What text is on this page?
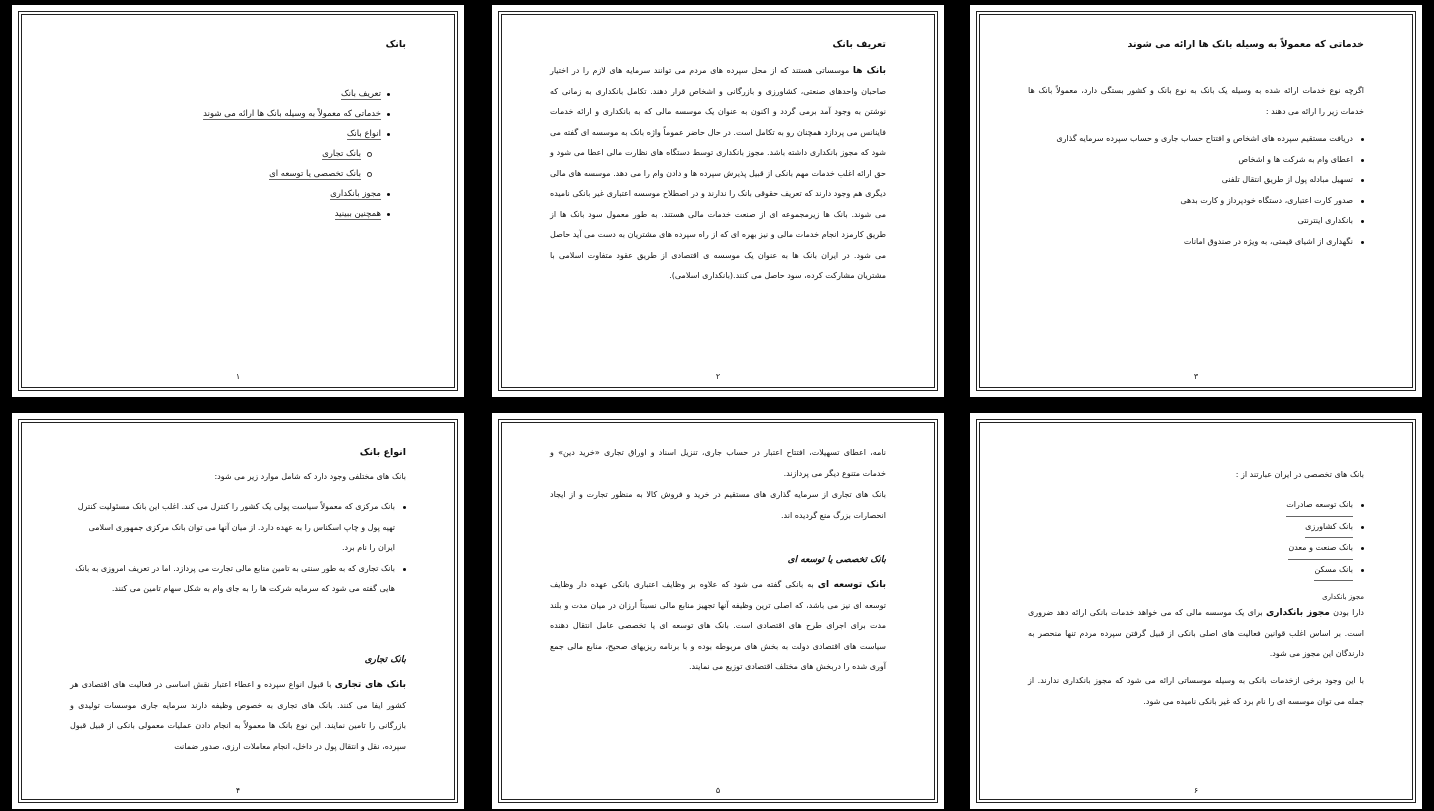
بانک
تعریف بانک
خدماتی که معمولاً به وسیله بانک ها ارائه می شوند
انواع بانک
بانک تجاری
بانک تخصصی یا توسعه ای
مجوز بانکداری
همچنین ببینید
۱
تعریف بانک
بانک ها موسساتی هستند که از محل سپرده های مردم می توانند سرمایه های لازم را در اختیار صاحبان واحدهای صنعتی، کشاورزی و بازرگانی و اشخاص قرار دهند. تکامل بانکداری به زمانی که نوشتن به وجود آمد برمی گردد و اکنون به عنوان یک موسسه مالی که به بانکداری و ارائه خدمات فاینانس می پردازد همچنان رو به تکامل است. در حال حاضر عموماً واژه بانک به موسسه ای گفته می شود که مجوز بانکداری داشته باشد. مجوز بانکداری توسط دستگاه های نظارت مالی اعطا می شود و حق ارائه اغلب خدمات مهم بانکی از قبیل پذیرش سپرده ها و دادن وام را می دهد. موسسه های مالی دیگری هم وجود دارند که تعریف حقوقی بانک را ندارند و در اصطلاح موسسه اعتباری غیر بانکی نامیده می شوند. بانک ها زیرمجموعه ای از صنعت خدمات مالی هستند. به طور معمول سود بانک ها از طریق کارمزد انجام خدمات مالی و نیز بهره ای که از راه سپرده های مشتریان به دست می آید حاصل می شود. در ایران بانک ها به عنوان یک موسسه ی اقتصادی از طریق عقود متفاوت اسلامی با مشتریان مشارکت کرده، سود حاصل می کنند.(بانکداری اسلامی).
۲
خدماتی که معمولاً به وسیله بانک ها ارائه می شوند
اگرچه نوع خدمات ارائه شده به وسیله یک بانک به نوع بانک و کشور بستگی دارد، معمولاً بانک ها خدمات زیر را ارائه می دهند :
دریافت مستقیم سپرده های اشخاص و افتتاح حساب جاری و حساب سپرده سرمایه گذاری
اعطای وام به شرکت ها و اشخاص
تسهیل مبادله پول از طریق انتقال تلفنی
صدور کارت اعتباری، دستگاه خودپرداز و کارت بدهی
بانکداری اینترنتی
نگهداری از اشیای قیمتی، به ویژه در صندوق امانات
۳
انواع بانک
بانک های مختلفی وجود دارد که شامل موارد زیر می شود:
بانک مرکزی که معمولاً سیاست پولی یک کشور را کنترل می کند. اغلب این بانک مسئولیت کنترل تهیه پول و چاپ اسکناس را به عهده دارد. از میان آنها می توان بانک مرکزی جمهوری اسلامی ایران را نام برد.
بانک تجاری که به طور سنتی به تامین منابع مالی تجارت می پردازد. اما در تعریف امروزی به بانک هایی گفته می شود که سرمایه شرکت ها را به جای وام به شکل سهام تامین می کنند.
بانک تجاری
بانک های تجاری با قبول انواع سپرده و اعطاء اعتبار نقش اساسی در فعالیت های اقتصادی هر کشور ایفا می کنند. بانک های تجاری به خصوص وظیفه دارند سرمایه جاری موسسات تولیدی و بازرگانی را تامین نمایند. این نوع بانک ها معمولاً به انجام دادن عملیات معمولی بانکی از قبیل قبول سپرده، نقل و انتقال پول در داخل، انجام معاملات ارزی، صدور ضمانت
۴
نامه، اعطای تسهیلات، افتتاح اعتبار در حساب جاری، تنزیل اسناد و اوراق تجاری «خرید دین» و خدمات متنوع دیگر می پردازند.
بانک های تجاری از سرمایه گذاری های مستقیم در خرید و فروش کالا به منظور تجارت و از ایجاد انحصارات بزرگ منع گردیده اند.
بانک تخصصی یا توسعه ای
بانک توسعه ای به بانکی گفته می شود که علاوه بر وظایف اعتباری بانکی عهده دار وظایف توسعه ای نیز می باشد، که اصلی ترین وظیفه آنها تجهیز منابع مالی نسبتاً ارزان در میان مدت و بلند مدت برای اجرای طرح های اقتصادی است. بانک های توسعه ای یا تخصصی عامل انتقال دهنده سیاست های اقتصادی دولت به بخش های مربوطه بوده و با برنامه ریزیهای صحیح، منابع مالی جمع آوری شده را دربخش های مختلف اقتصادی توزیع می نمایند.
۵
بانک های تخصصی در ایران عبارتند از :
بانک توسعه صادرات
بانک کشاورزی
بانک صنعت و معدن
بانک مسکن
مجوز بانکداری
دارا بودن مجوز بانکداری برای یک موسسه مالی که می خواهد خدمات بانکی ارائه دهد ضروری است. بر اساس اغلب قوانین فعالیت های اصلی بانکی از قبیل گرفتن سپرده مردم تنها منحصر به دارندگان این مجوز می شود.
با این وجود برخی ازخدمات بانکی به وسیله موسساتی ارائه می شود که مجوز بانکداری ندارند. از جمله می توان موسسه ای را نام برد که غیر بانکی نامیده می شود.
۶
